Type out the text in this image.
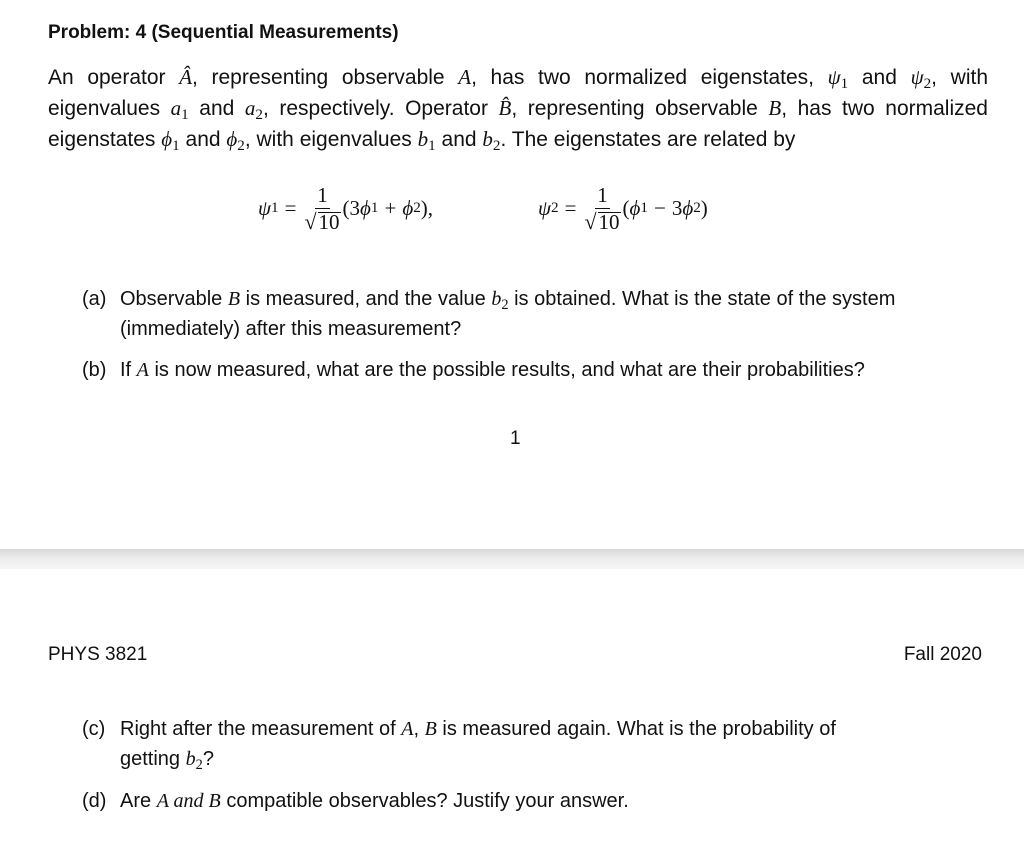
Problem: 4 (Sequential Measurements)
An operator Â, representing observable A, has two normalized eigenstates, $\psi_1$ and $\psi_2$, with
eigenvalues $a_1$ and $a_2$, respectively. Operator B̂, representing observable B, has two normalized
eigenstates $\phi_1$ and $\phi_2$, with eigenvalues $b_1$ and $b_2$. The eigenstates are related by
ψ $1 = \frac{1}{√ 10} (3$ ϕ 1 + ϕ 2 ),	ψ $2 = \frac{1}{√ 10}$ ( ϕ 1 − 3 ϕ 2 )
(a) Observable B is measured, and the value $b_2$ is obtained. What is the state of the system
(immediately) after this measurement?
(b) If A is now measured, what are the possible results, and what are their probabilities?
1
PHYS 3821	Fall 2020
(c) Right after the measurement of A, B is measured again. What is the probability of
getting $b_2$?
(d) Are A and B compatible observables? Justify your answer.
